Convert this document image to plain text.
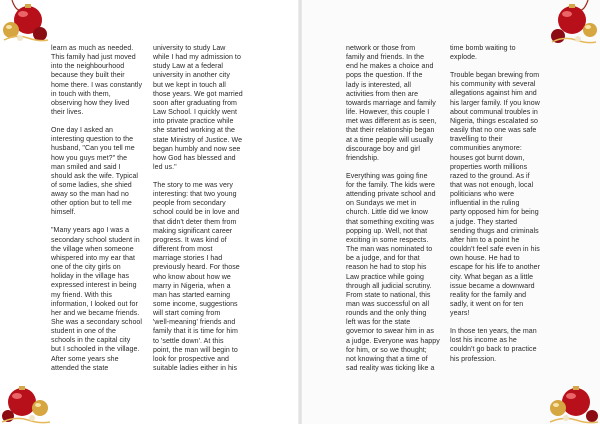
learn as much as needed.
This family had just moved
into the neighbourhood
because they built their
home there. I was constantly
in touch with them,
observing how they lived
their lives.

One day I asked an
interesting question to the
husband, "Can you tell me
how you guys met?" the
man smiled and said I
should ask the wife. Typical
of some ladies, she shied
away so the man had no
other option but to tell me
himself.

"Many years ago I was a
secondary school student in
the village when someone
whispered into my ear that
one of the city girls on
holiday in the village has
expressed interest in being
my friend. With this
information, I looked out for
her and we became friends.
She was a secondary school
student in one of the
schools in the capital city
but I schooled in the village.
After some years she
attended the state

university to study Law
while I had my admission to
study Law at a federal
university in another city
but we kept in touch all
those years. We got married
soon after graduating from
Law School. I quickly went
into private practice while
she started working at the
state Ministry of Justice. We
began humbly and now see
how God has blessed and
led us."

The story to me was very
interesting: that two young
people from secondary
school could be in love and
that didn't deter them from
making significant career
progress. It was kind of
different from most
marriage stories I had
previously heard. For those
who know about how we
marry in Nigeria, when a
man has started earning
some income, suggestions
will start coming from
'well-meaning' friends and
family that it is time for him
to 'settle down'. At this
point, the man will begin to
look for prospective and
suitable ladies either in his

network or those from
family and friends. In the
end he makes a choice and
pops the question. If the
lady is interested, all
activities from then are
towards marriage and family
life. However, this couple I
met was different as is seen,
that their relationship began
at a time people will usually
discourage boy and girl
friendship.

Everything was going fine
for the family. The kids were
attending private school and
on Sundays we met in
church. Little did we know
that something exciting was
popping up. Well, not that
exciting in some respects.
The man was nominated to
be a judge, and for that
reason he had to stop his
Law practice while going
through all judicial scrutiny.
From state to national, this
man was successful on all
rounds and the only thing
left was for the state
governor to swear him in as
a judge. Everyone was happy
for him, or so we thought;
not knowing that a time of
sad reality was ticking like a

time bomb waiting to
explode.

Trouble began brewing from
his community with several
allegations against him and
his larger family. If you know
about communal troubles in
Nigeria, things escalated so
easily that no one was safe
travelling to their
communities anymore:
houses got burnt down,
properties worth millions
razed to the ground. As if
that was not enough, local
politicians who were
influential in the ruling
party opposed him for being
a judge. They started
sending thugs and criminals
after him to a point he
couldn't feel safe even in his
own house. He had to
escape for his life to another
city. What began as a little
issue became a downward
reality for the family and
sadly, it went on for ten
years!

In those ten years, the man
lost his income as he
couldn't go back to practice
his profession.
